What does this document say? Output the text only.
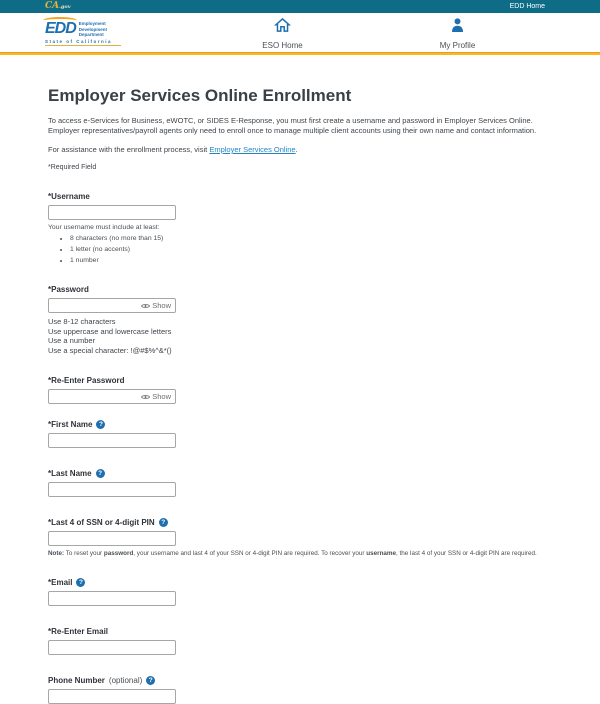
CA.gov	EDD Home
EDD Employment
Development
Department
State of California	ESO Home	My Profile
Employer Services Online Enrollment

To access e-Services for Business, eWOTC, or SIDES E-Response, you must first create a username and password in Employer Services Online. Employer representatives/payroll agents only need to enroll once to manage multiple client accounts using their own name and contact information.

For assistance with the enrollment process, visit Employer Services Online.

*Required Field
*Username
Your username must include at least:
• 8 characters (no more than 15)
• 1 letter (no accents)
• 1 number
*Password
Show
Use 8-12 characters
Use uppercase and lowercase letters
Use a number
Use a special character: !@#$%^&*()
*Re-Enter Password
Show
*First Name	?
*Last Name	?
*Last 4 of SSN or 4-digit PIN	?
Note: To reset your password, your username and last 4 of your SSN or 4-digit PIN are required. To recover your username, the last 4 of your SSN or 4-digit PIN are required.
*Email	?
*Re-Enter Email
Phone Number (optional)	?
